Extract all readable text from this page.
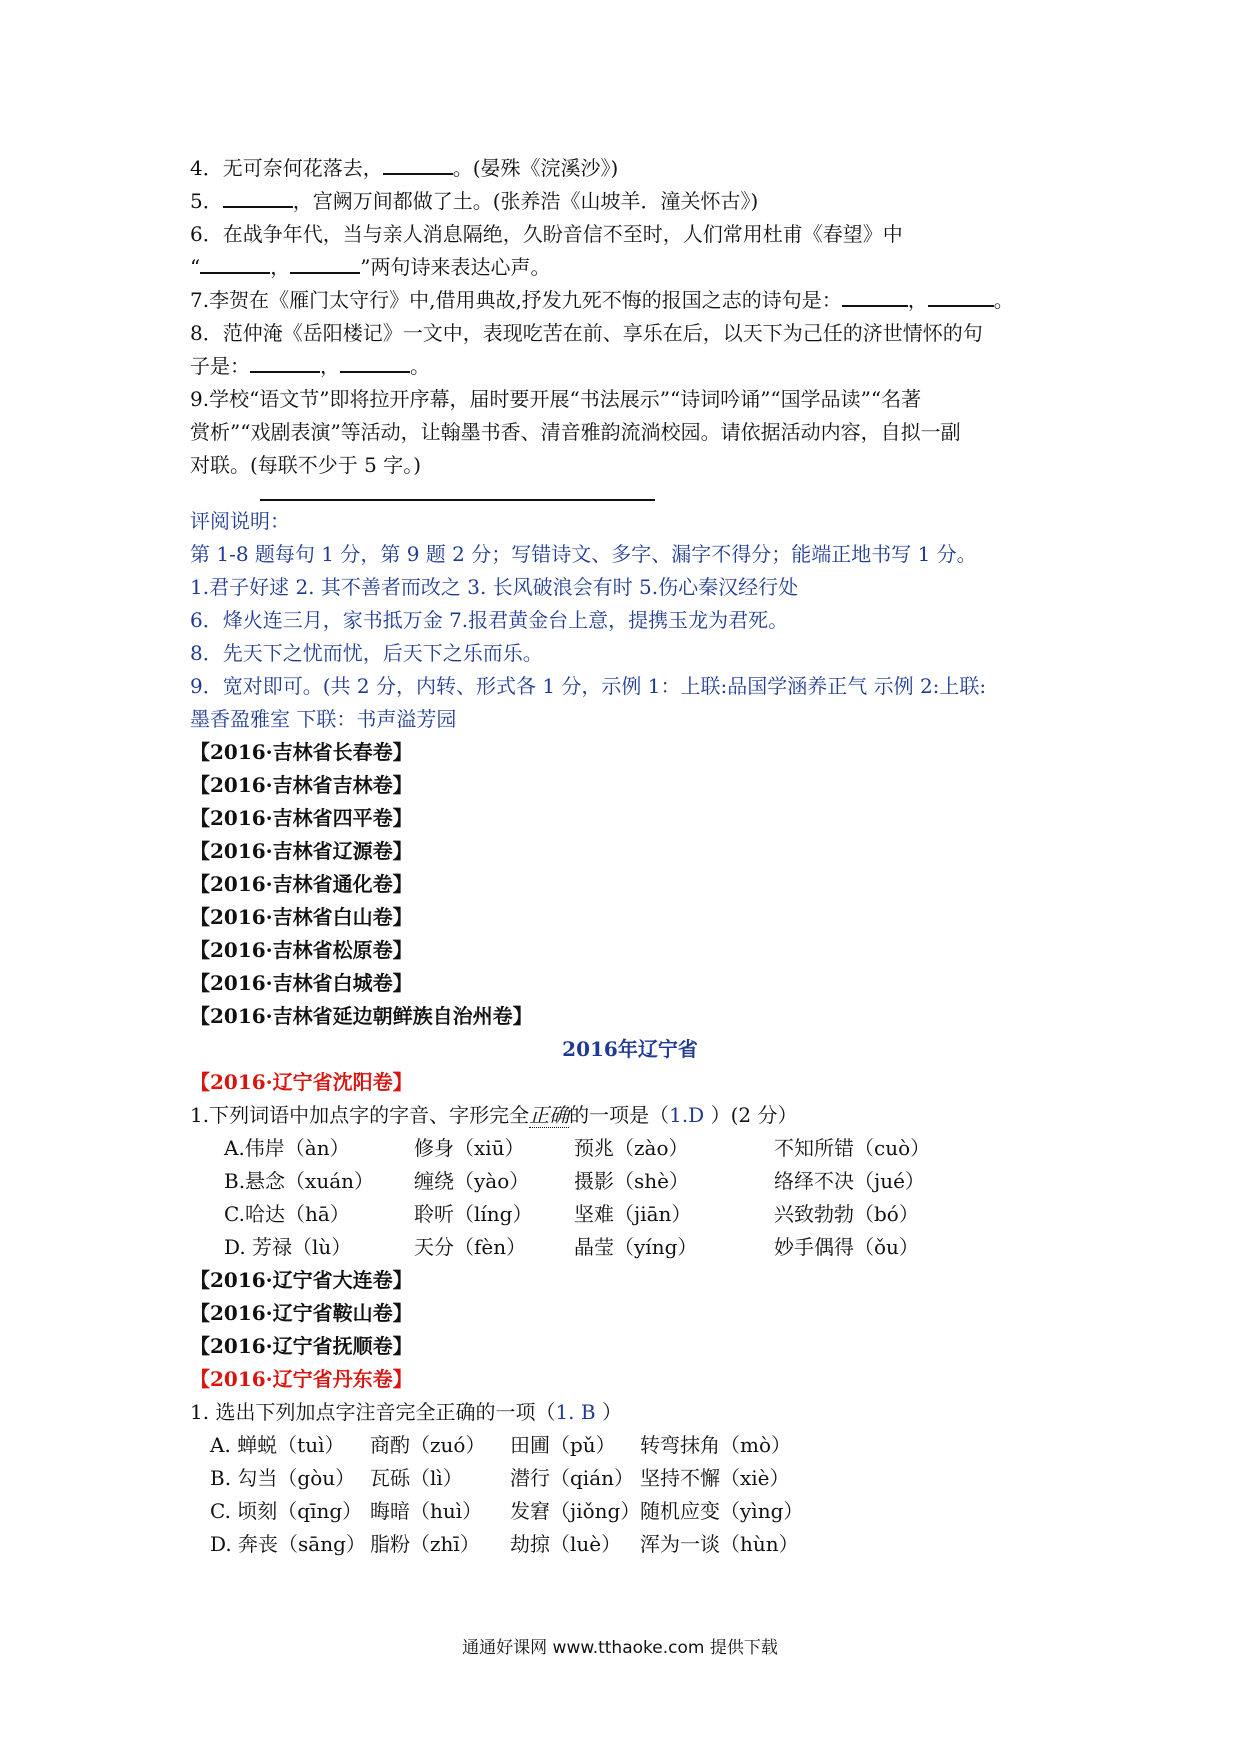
4．无可奈何花落去，	。(晏殊《浣溪沙》)
5．	，宫阙万间都做了土。(张养浩《山坡羊．潼关怀古》)
6．在战争年代，当与亲人消息隔绝，久盼音信不至时，人们常用杜甫《春望》中
“	，	”两句诗来表达心声。
7.李贺在《雁门太守行》中,借用典故,抒发九死不悔的报国之志的诗句是：	，	。
8．范仲淹《岳阳楼记》一文中，表现吃苦在前、享乐在后，以天下为己任的济世情怀的句
子是：	，	。
9.学校“语文节”即将拉开序幕，届时要开展“书法展示”“诗词吟诵”“国学品读”“名著
赏析”“戏剧表演”等活动，让翰墨书香、清音雅韵流淌校园。请依据活动内容，自拟一副
对联。(每联不少于 5 字。)
评阅说明：
第 1-8 题每句 1 分，第 9 题 2 分；写错诗文、多字、漏字不得分；能端正地书写 1 分。
1.君子好逑 2. 其不善者而改之 3. 长风破浪会有时 5.伤心秦汉经行处
6．烽火连三月，家书抵万金 7.报君黄金台上意，提携玉龙为君死。
8．先天下之忧而忧，后天下之乐而乐。
9．宽对即可。(共 2 分，内转、形式各 1 分，示例 1：上联:品国学涵养正气 示例 2:上联:
墨香盈雅室 下联：书声溢芳园
【2016·吉林省长春卷】
【2016·吉林省吉林卷】
【2016·吉林省四平卷】
【2016·吉林省辽源卷】
【2016·吉林省通化卷】
【2016·吉林省白山卷】
【2016·吉林省松原卷】
【2016·吉林省白城卷】
【2016·吉林省延边朝鲜族自治州卷】
2016年辽宁省
【2016·辽宁省沈阳卷】
1.下列词语中加点字的字音、字形完全正确的一项是（1.D ）(2 分）
A.伟岸（àn）	修身（xiū） 预兆（zào）	不知所错（cuò）
B.悬念（xuán） 缠绕（yào） 摄影（shè）	络绎不决（jué）
C.哈达（hā）	聆听（líng） 坚难（jiān）	兴致勃勃（bó）
D. 芳禄（lù）	天分（fèn） 晶莹（yíng）	妙手偶得（ǒu）
【2016·辽宁省大连卷】
【2016·辽宁省鞍山卷】
【2016·辽宁省抚顺卷】
【2016·辽宁省丹东卷】
1. 选出下列加点字注音完全正确的一项（1. B ）
A. 蝉蜕（tuì） 商酌（zuó） 田圃（pǔ） 转弯抹角（mò）
B. 勾当（gòu） 瓦砾（lì） 潜行（qián） 坚持不懈（xiè）
C. 顷刻（qīng） 晦暗（huì） 发窘（jiǒng）随机应变（yìng）
D. 奔丧（sāng） 脂粉（zhī） 劫掠（luè） 浑为一谈（hùn）
通通好课网 www.tthaoke.com 提供下载
